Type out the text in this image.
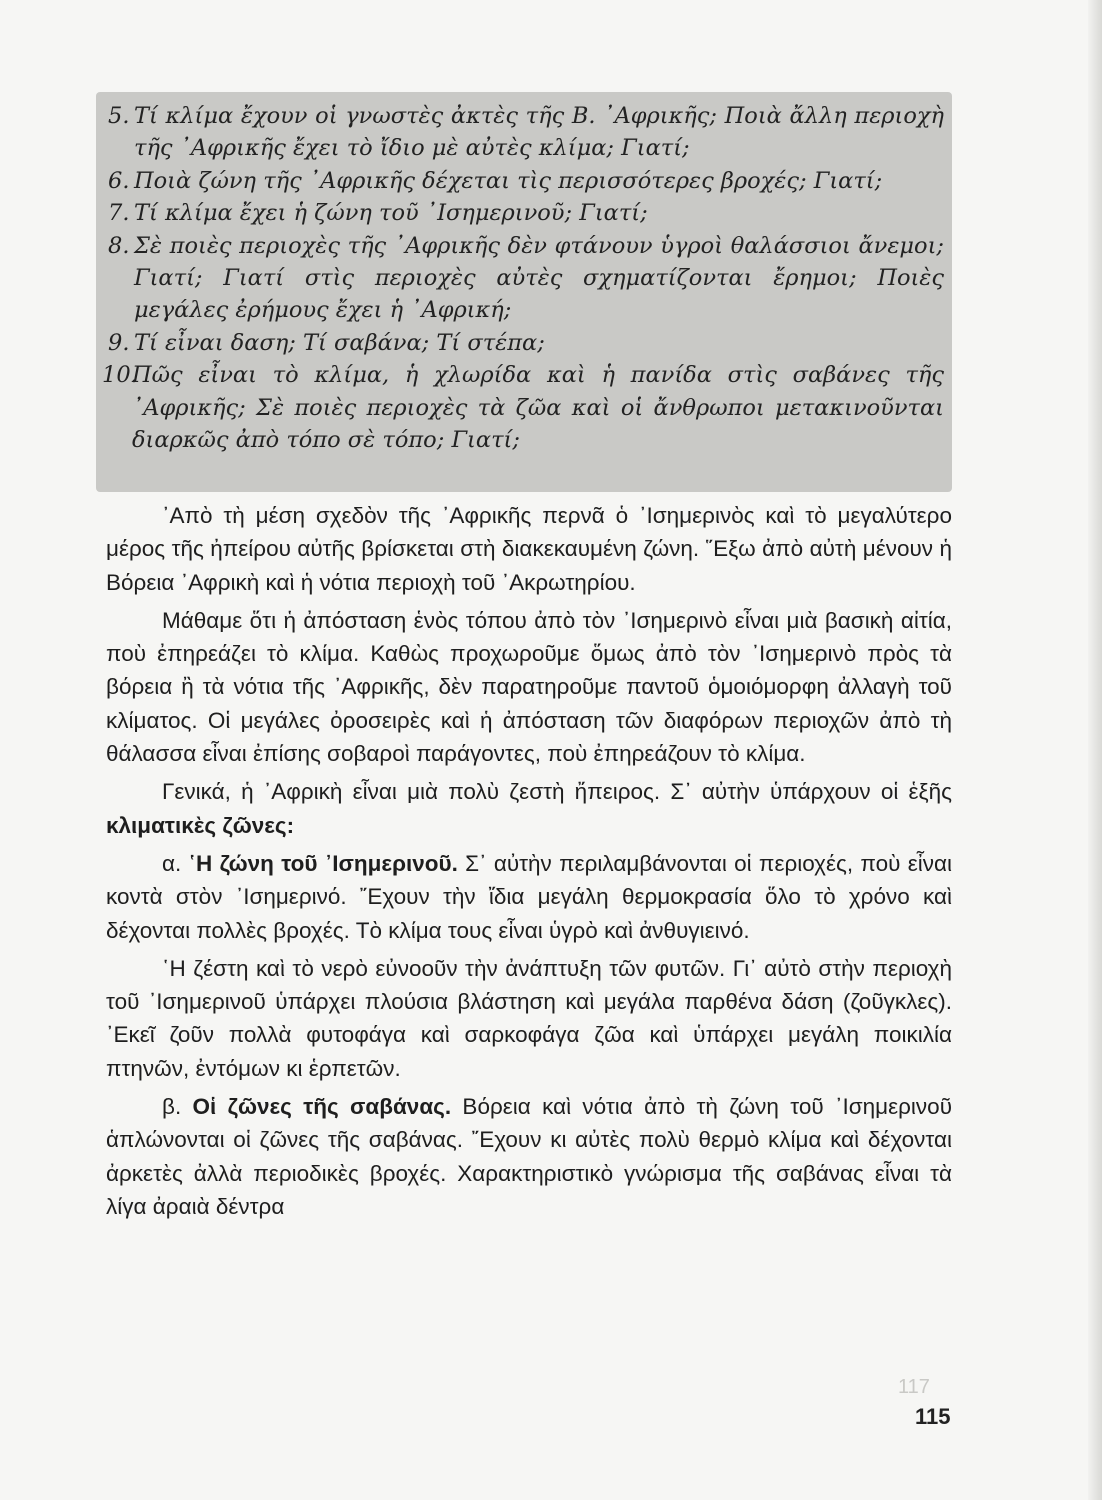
5. Τί κλίμα ἔχουν οἱ γνωστὲς ἀκτὲς τῆς Β. ᾿Αφρικῆς; Ποιὰ ἄλλη περιοχὴ τῆς ᾿Αφρικῆς ἔχει τὸ ἴδιο μὲ αὐτὲς κλίμα; Γιατί;
6. Ποιὰ ζώνη τῆς ᾿Αφρικῆς δέχεται τὶς περισσότερες βροχές; Γιατί;
7. Τί κλίμα ἔχει ἡ ζώνη τοῦ ᾿Ισημερινοῦ; Γιατί;
8. Σὲ ποιὲς περιοχὲς τῆς ᾿Αφρικῆς δὲν φτάνουν ὑγροὶ θαλάσσιοι ἄνεμοι; Γιατί; Γιατί στὶς περιοχὲς αὐτὲς σχηματίζονται ἔρημοι; Ποιὲς μεγάλες ἐρήμους ἔχει ἡ ᾿Αφρική;
9. Τί εἶναι δαση; Τί σαβάνα; Τί στέπα;
10.
Πῶς εἶναι τὸ κλίμα, ἡ χλωρίδα καὶ ἡ πανίδα στὶς σαβάνες τῆς ᾿Αφρικῆς; Σὲ ποιὲς περιοχὲς τὰ ζῶα καὶ οἱ ἄνθρωποι μετακινοῦνται διαρκῶς ἀπὸ τόπο σὲ τόπο; Γιατί;

᾿Απὸ τὴ μέση σχεδὸν τῆς ᾿Αφρικῆς περνᾶ ὁ ᾿Ισημερινὸς καὶ τὸ μεγαλύτερο μέρος τῆς ἠπείρου αὐτῆς βρίσκεται στὴ διακεκαυμένη ζώνη. ῞Εξω ἀπὸ αὐτὴ μένουν ἡ Βόρεια ᾿Αφρικὴ καὶ ἡ νότια περιοχὴ τοῦ ᾿Ακρωτηρίου.

Μάθαμε ὅτι ἡ ἀπόσταση ἑνὸς τόπου ἀπὸ τὸν ᾿Ισημερινὸ εἶναι μιὰ βασικὴ αἰτία, ποὺ ἐπηρεάζει τὸ κλίμα. Καθὼς προχωροῦμε ὅμως ἀπὸ τὸν ᾿Ισημερινὸ πρὸς τὰ βόρεια ἢ τὰ νότια τῆς ᾿Αφρικῆς, δὲν παρατηροῦμε παντοῦ ὁμοιόμορφη ἀλλαγὴ τοῦ κλίματος. Οἱ μεγάλες ὀροσειρὲς καὶ ἡ ἀπόσταση τῶν διαφόρων περιοχῶν ἀπὸ τὴ θάλασσα εἶναι ἐπίσης σοβαροὶ παράγοντες, ποὺ ἐπηρεάζουν τὸ κλίμα.

Γενικά, ἡ ᾿Αφρικὴ εἶναι μιὰ πολὺ ζεστὴ ἤπειρος. Σ᾿ αὐτὴν ὑπάρχουν οἱ ἑξῆς κλιματικὲς ζῶνες:

α. ῾Η ζώνη τοῦ ᾿Ισημερινοῦ. Σ᾿ αὐτὴν περιλαμβάνονται οἱ περιοχές, ποὺ εἶναι κοντὰ στὸν ᾿Ισημερινό. ῎Εχουν τὴν ἴδια μεγάλη θερμοκρασία ὅλο τὸ χρόνο καὶ δέχονται πολλὲς βροχές. Τὸ κλίμα τους εἶναι ὑγρὸ καὶ ἀνθυγιεινό.

῾Η ζέστη καὶ τὸ νερὸ εὐνοοῦν τὴν ἀνάπτυξη τῶν φυτῶν. Γι᾿ αὐτὸ στὴν περιοχὴ τοῦ ᾿Ισημερινοῦ ὑπάρχει πλούσια βλάστηση καὶ μεγάλα παρθένα δάση (ζοῦγκλες). ᾿Εκεῖ ζοῦν πολλὰ φυτοφάγα καὶ σαρκοφάγα ζῶα καὶ ὑπάρχει μεγάλη ποικιλία πτηνῶν, ἐντόμων κι ἑρπετῶν.

β. Οἱ ζῶνες τῆς σαβάνας. Βόρεια καὶ νότια ἀπὸ τὴ ζώνη τοῦ ᾿Ισημερινοῦ ἁπλώνονται οἱ ζῶνες τῆς σαβάνας. ῎Εχουν κι αὐτὲς πολὺ θερμὸ κλίμα καὶ δέχονται ἀρκετὲς ἀλλὰ περιοδικὲς βροχές. Χαρακτηριστικὸ γνώρισμα τῆς σαβάνας εἶναι τὰ λίγα ἀραιὰ δέντρα

117
115
